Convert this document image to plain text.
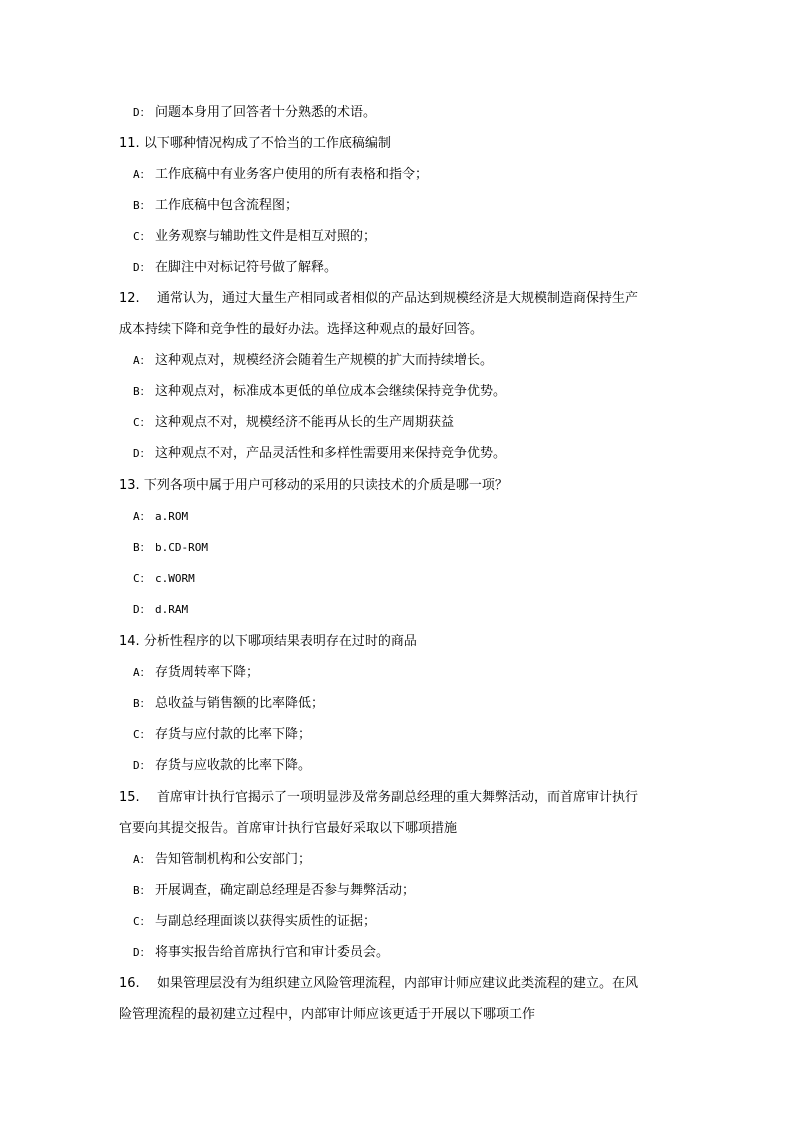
D： 问题本身用了回答者十分熟悉的术语。
11. 以下哪种情况构成了不恰当的工作底稿编制
A： 工作底稿中有业务客户使用的所有表格和指令；
B： 工作底稿中包含流程图；
C： 业务观察与辅助性文件是相互对照的；
D： 在脚注中对标记符号做了解释。
12. 通常认为，通过大量生产相同或者相似的产品达到规模经济是大规模制造商保持生产
成本持续下降和竞争性的最好办法。选择这种观点的最好回答。
A： 这种观点对，规模经济会随着生产规模的扩大而持续增长。
B： 这种观点对，标准成本更低的单位成本会继续保持竞争优势。
C： 这种观点不对，规模经济不能再从长的生产周期获益
D： 这种观点不对，产品灵活性和多样性需要用来保持竞争优势。
13. 下列各项中属于用户可移动的采用的只读技术的介质是哪一项？
A： a.ROM
B： b.CD-ROM
C： c.WORM
D： d.RAM
14. 分析性程序的以下哪项结果表明存在过时的商品
A： 存货周转率下降；
B： 总收益与销售额的比率降低；
C： 存货与应付款的比率下降；
D： 存货与应收款的比率下降。
15. 首席审计执行官揭示了一项明显涉及常务副总经理的重大舞弊活动，而首席审计执行
官要向其提交报告。首席审计执行官最好采取以下哪项措施
A： 告知管制机构和公安部门；
B： 开展调查，确定副总经理是否参与舞弊活动；
C： 与副总经理面谈以获得实质性的证据；
D： 将事实报告给首席执行官和审计委员会。
16. 如果管理层没有为组织建立风险管理流程，内部审计师应建议此类流程的建立。在风
险管理流程的最初建立过程中，内部审计师应该更适于开展以下哪项工作
